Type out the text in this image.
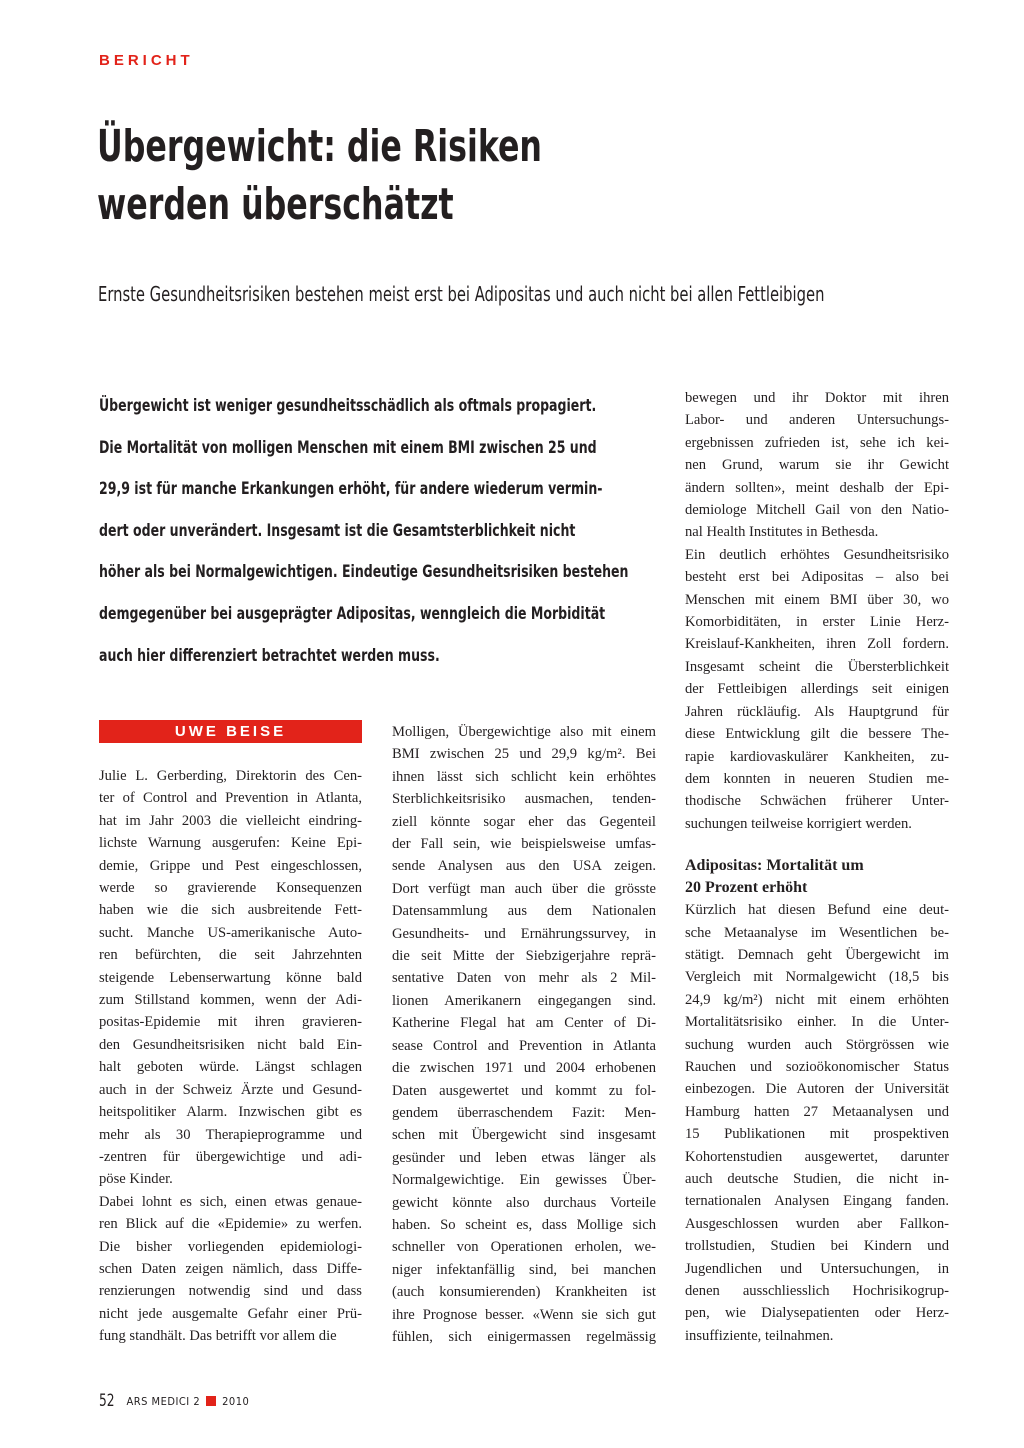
BERICHT
Übergewicht: die Risiken
werden überschätzt
Ernste Gesundheitsrisiken bestehen meist erst bei Adipositas und auch nicht bei allen Fettleibigen
Übergewicht ist weniger gesundheitsschädlich als oftmals propagiert.
Die Mortalität von molligen Menschen mit einem BMI zwischen 25 und
29,9 ist für manche Erkankungen erhöht, für andere wiederum vermin-
dert oder unverändert. Insgesamt ist die Gesamtsterblichkeit nicht
höher als bei Normalgewichtigen. Eindeutige Gesundheitsrisiken bestehen
demgegenüber bei ausgeprägter Adipositas, wenngleich die Morbidität
auch hier differenziert betrachtet werden muss.
UWE BEISE
Julie L. Gerberding, Direktorin des Cen-
ter of Control and Prevention in Atlanta,
hat im Jahr 2003 die vielleicht eindring-
lichste Warnung ausgerufen: Keine Epi-
demie, Grippe und Pest eingeschlossen,
werde so gravierende Konsequenzen
haben wie die sich ausbreitende Fett-
sucht. Manche US-amerikanische Auto-
ren befürchten, die seit Jahrzehnten
steigende Lebenserwartung könne bald
zum Stillstand kommen, wenn der Adi-
positas-Epidemie mit ihren gravieren-
den Gesundheitsrisiken nicht bald Ein-
halt geboten würde. Längst schlagen
auch in der Schweiz Ärzte und Gesund-
heitspolitiker Alarm. Inzwischen gibt es
mehr als 30 Therapieprogramme und
-zentren für übergewichtige und adi-
pöse Kinder.
Dabei lohnt es sich, einen etwas genaue-
ren Blick auf die «Epidemie» zu werfen.
Die bisher vorliegenden epidemiologi-
schen Daten zeigen nämlich, dass Diffe-
renzierungen notwendig sind und dass
nicht jede ausgemalte Gefahr einer Prü-
fung standhält. Das betrifft vor allem die
Molligen, Übergewichtige also mit einem
BMI zwischen 25 und 29,9 kg/m². Bei
ihnen lässt sich schlicht kein erhöhtes
Sterblichkeitsrisiko ausmachen, tenden-
ziell könnte sogar eher das Gegenteil
der Fall sein, wie beispielsweise umfas-
sende Analysen aus den USA zeigen.
Dort verfügt man auch über die grösste
Datensammlung aus dem Nationalen
Gesundheits- und Ernährungssurvey, in
die seit Mitte der Siebzigerjahre reprä-
sentative Daten von mehr als 2 Mil-
lionen Amerikanern eingegangen sind.
Katherine Flegal hat am Center of Di-
sease Control and Prevention in Atlanta
die zwischen 1971 und 2004 erhobenen
Daten ausgewertet und kommt zu fol-
gendem überraschendem Fazit: Men-
schen mit Übergewicht sind insgesamt
gesünder und leben etwas länger als
Normalgewichtige. Ein gewisses Über-
gewicht könnte also durchaus Vorteile
haben. So scheint es, dass Mollige sich
schneller von Operationen erholen, we-
niger infektanfällig sind, bei manchen
(auch konsumierenden) Krankheiten ist
ihre Prognose besser. «Wenn sie sich gut
fühlen, sich einigermassen regelmässig
bewegen und ihr Doktor mit ihren
Labor- und anderen Untersuchungs-
ergebnissen zufrieden ist, sehe ich kei-
nen Grund, warum sie ihr Gewicht
ändern sollten», meint deshalb der Epi-
demiologe Mitchell Gail von den Natio-
nal Health Institutes in Bethesda.
Ein deutlich erhöhtes Gesundheitsrisiko
besteht erst bei Adipositas – also bei
Menschen mit einem BMI über 30, wo
Komorbiditäten, in erster Linie Herz-
Kreislauf-Kankheiten, ihren Zoll fordern.
Insgesamt scheint die Übersterblichkeit
der Fettleibigen allerdings seit einigen
Jahren rückläufig. Als Hauptgrund für
diese Entwicklung gilt die bessere The-
rapie kardiovaskulärer Kankheiten, zu-
dem konnten in neueren Studien me-
thodische Schwächen früherer Unter-
suchungen teilweise korrigiert werden.
Adipositas: Mortalität um
20 Prozent erhöht
Kürzlich hat diesen Befund eine deut-
sche Metaanalyse im Wesentlichen be-
stätigt. Demnach geht Übergewicht im
Vergleich mit Normalgewicht (18,5 bis
24,9 kg/m²) nicht mit einem erhöhten
Mortalitätsrisiko einher. In die Unter-
suchung wurden auch Störgrössen wie
Rauchen und sozioökonomischer Status
einbezogen. Die Autoren der Universität
Hamburg hatten 27 Metaanalysen und
15 Publikationen mit prospektiven
Kohortenstudien ausgewertet, darunter
auch deutsche Studien, die nicht in-
ternationalen Analysen Eingang fanden.
Ausgeschlossen wurden aber Fallkon-
trollstudien, Studien bei Kindern und
Jugendlichen und Untersuchungen, in
denen ausschliesslich Hochrisikogrup-
pen, wie Dialysepatienten oder Herz-
insuffiziente, teilnahmen.
52 ARS MEDICI 2 2010
